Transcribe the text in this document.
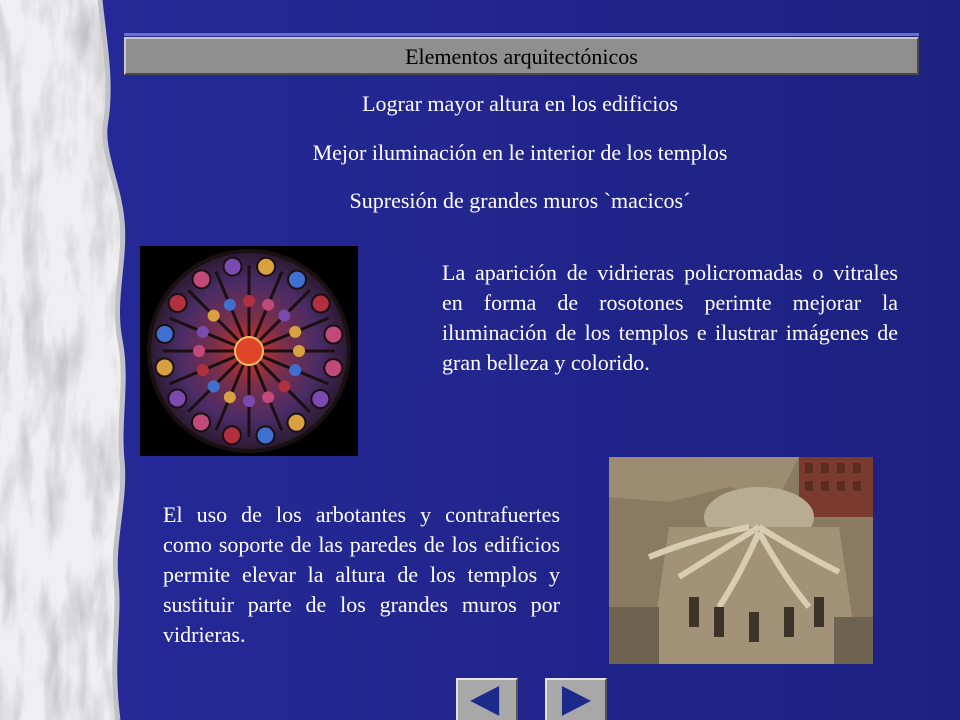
Elementos arquitectónicos
Lograr mayor altura en los edificios
Mejor iluminación en le interior de los templos
Supresión de grandes muros `macicos´
La aparición de vidrieras policromadas o vitrales en forma de rosotones perimte mejorar la iluminación de los templos e ilustrar imágenes de gran belleza y colorido.
El uso de los arbotantes y contrafuertes como soporte de las paredes de los edificios permite elevar la altura de los templos y sustituir parte de los grandes muros por vidrieras.
